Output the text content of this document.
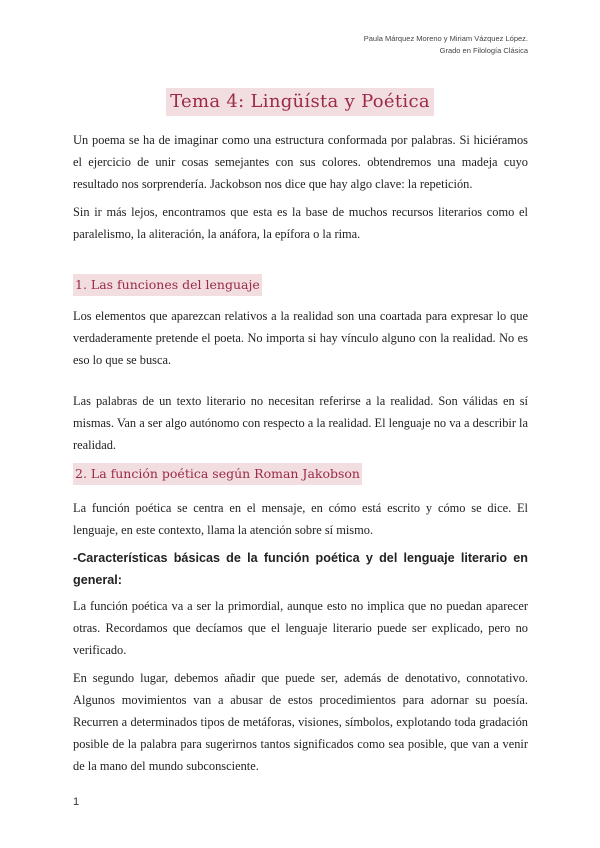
Paula Márquez Moreno y Miriam Vázquez López.
Grado en Filología Clásica
Tema 4: Lingüísta y Poética

Un poema se ha de imaginar como una estructura conformada por palabras. Si hiciéramos el ejercicio de unir cosas semejantes con sus colores. obtendremos una madeja cuyo resultado nos sorprendería. Jackobson nos dice que hay algo clave: la repetición.

Sin ir más lejos, encontramos que esta es la base de muchos recursos literarios como el paralelismo, la aliteración, la anáfora, la epífora o la rima.

1. Las funciones del lenguaje

Los elementos que aparezcan relativos a la realidad son una coartada para expresar lo que verdaderamente pretende el poeta. No importa si hay vínculo alguno con la realidad. No es eso lo que se busca.

Las palabras de un texto literario no necesitan referirse a la realidad. Son válidas en sí mismas. Van a ser algo autónomo con respecto a la realidad. El lenguaje no va a describir la realidad.

2. La función poética según Roman Jakobson

La función poética se centra en el mensaje, en cómo está escrito y cómo se dice. El lenguaje, en este contexto, llama la atención sobre sí mismo.

-Características básicas de la función poética y del lenguaje literario en general:

La función poética va a ser la primordial, aunque esto no implica que no puedan aparecer otras. Recordamos que decíamos que el lenguaje literario puede ser explicado, pero no verificado.

En segundo lugar, debemos añadir que puede ser, además de denotativo, connotativo. Algunos movimientos van a abusar de estos procedimientos para adornar su poesía. Recurren a determinados tipos de metáforas, visiones, símbolos, explotando toda gradación posible de la palabra para sugerirnos tantos significados como sea posible, que van a venir de la mano del mundo subconsciente.

1
